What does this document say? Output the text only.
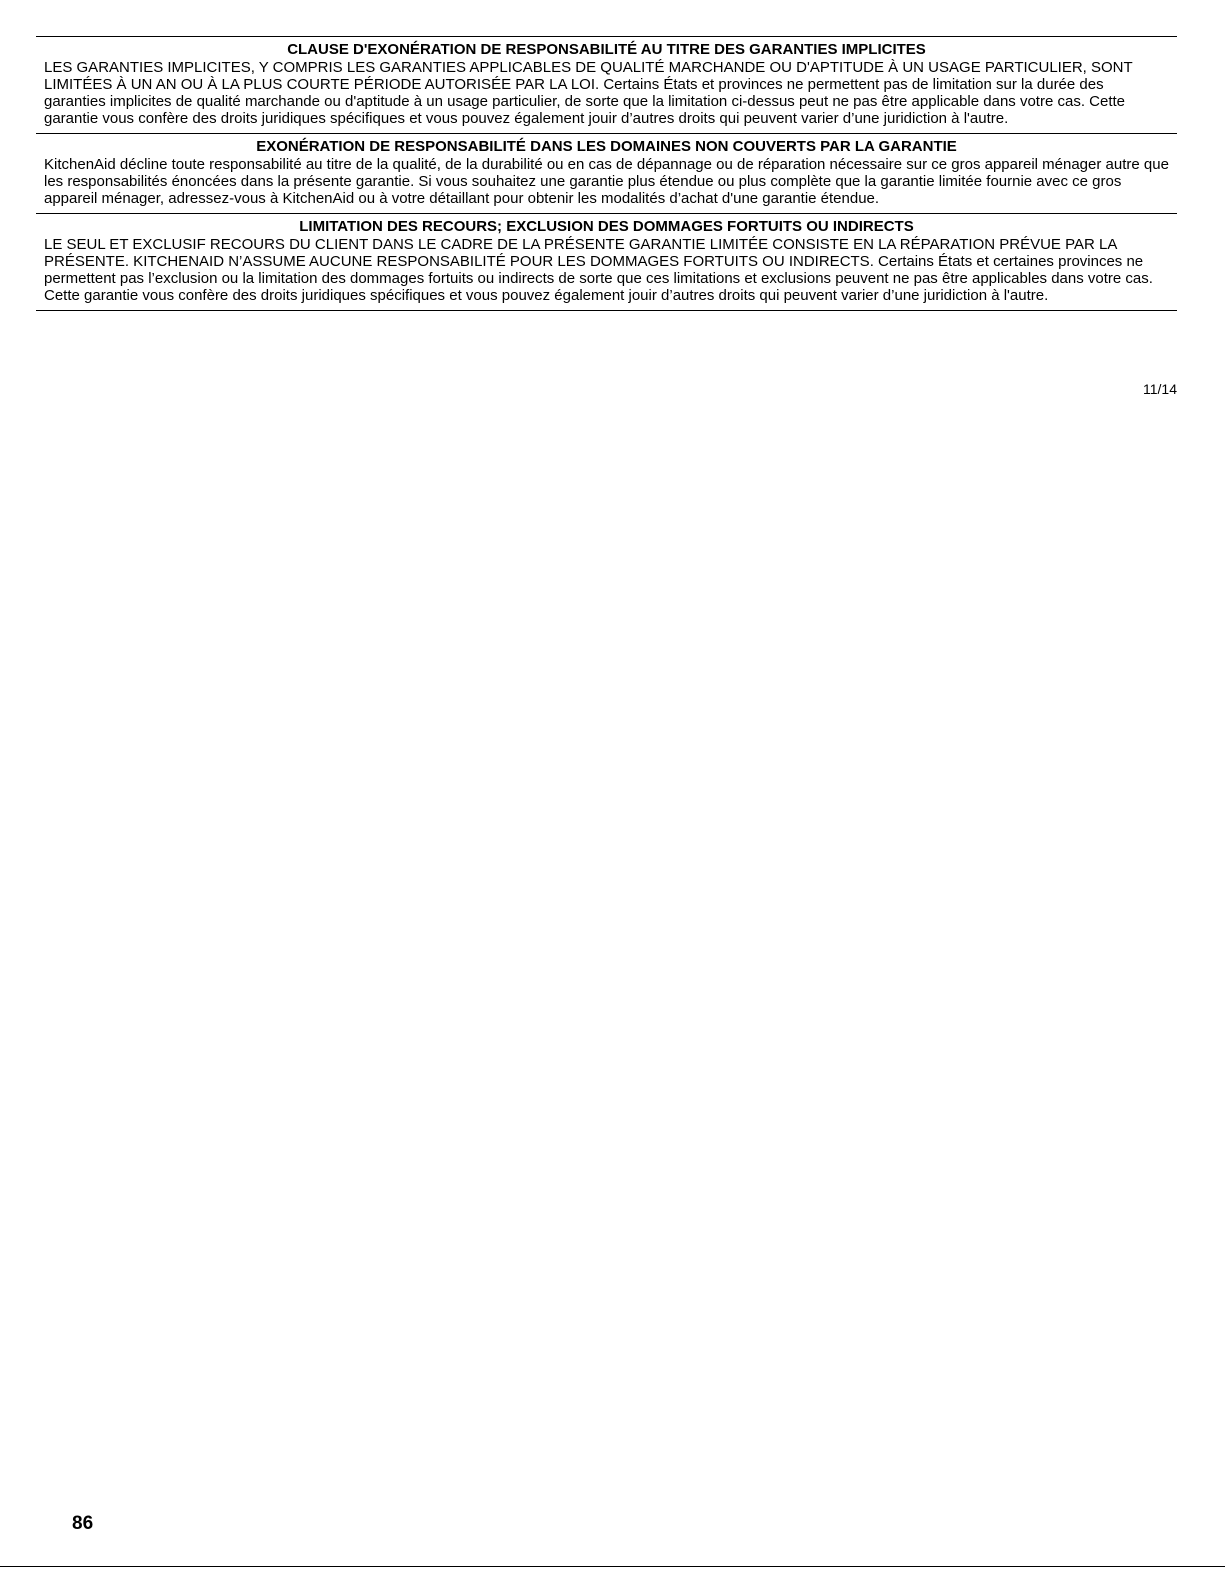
CLAUSE D'EXONÉRATION DE RESPONSABILITÉ AU TITRE DES GARANTIES IMPLICITES

LES GARANTIES IMPLICITES, Y COMPRIS LES GARANTIES APPLICABLES DE QUALITÉ MARCHANDE OU D'APTITUDE À UN USAGE PARTICULIER, SONT LIMITÉES À UN AN OU À LA PLUS COURTE PÉRIODE AUTORISÉE PAR LA LOI. Certains États et provinces ne permettent pas de limitation sur la durée des garanties implicites de qualité marchande ou d'aptitude à un usage particulier, de sorte que la limitation ci-dessus peut ne pas être applicable dans votre cas. Cette garantie vous confère des droits juridiques spécifiques et vous pouvez également jouir d’autres droits qui peuvent varier d’une juridiction à l'autre.

EXONÉRATION DE RESPONSABILITÉ DANS LES DOMAINES NON COUVERTS PAR LA GARANTIE

KitchenAid décline toute responsabilité au titre de la qualité, de la durabilité ou en cas de dépannage ou de réparation nécessaire sur ce gros appareil ménager autre que les responsabilités énoncées dans la présente garantie. Si vous souhaitez une garantie plus étendue ou plus complète que la garantie limitée fournie avec ce gros appareil ménager, adressez-vous à KitchenAid ou à votre détaillant pour obtenir les modalités d’achat d'une garantie étendue.

LIMITATION DES RECOURS; EXCLUSION DES DOMMAGES FORTUITS OU INDIRECTS

LE SEUL ET EXCLUSIF RECOURS DU CLIENT DANS LE CADRE DE LA PRÉSENTE GARANTIE LIMITÉE CONSISTE EN LA RÉPARATION PRÉVUE PAR LA PRÉSENTE. KITCHENAID N’ASSUME AUCUNE RESPONSABILITÉ POUR LES DOMMAGES FORTUITS OU INDIRECTS. Certains États et certaines provinces ne permettent pas l’exclusion ou la limitation des dommages fortuits ou indirects de sorte que ces limitations et exclusions peuvent ne pas être applicables dans votre cas. Cette garantie vous confère des droits juridiques spécifiques et vous pouvez également jouir d’autres droits qui peuvent varier d’une juridiction à l'autre.

11/14
86
